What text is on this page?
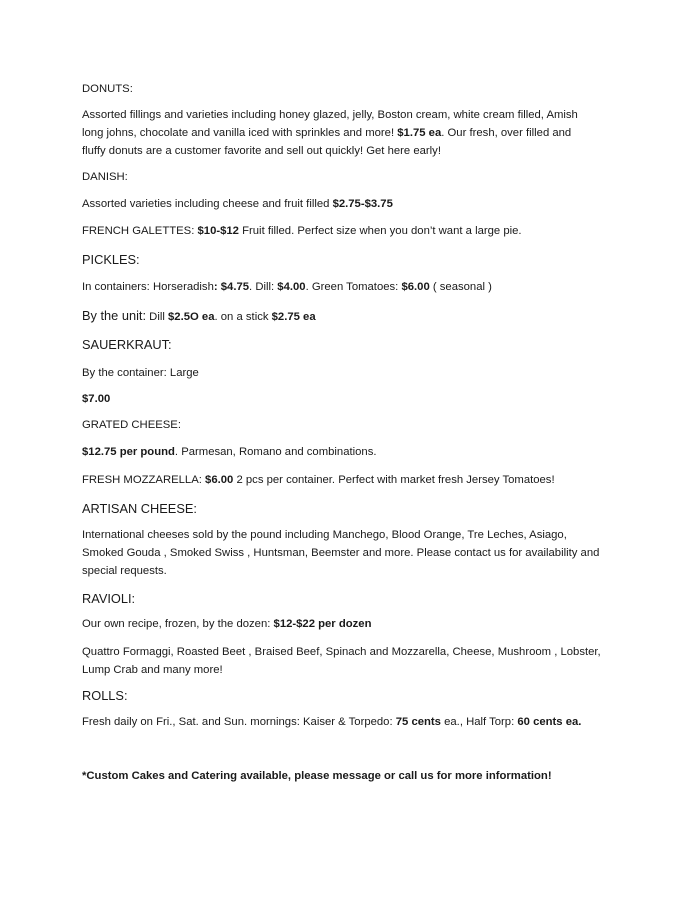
DONUTS:

Assorted fillings and varieties including honey glazed, jelly, Boston cream, white cream filled, Amish

long johns, chocolate and vanilla iced with sprinkles and more! $1.75 ea. Our fresh, over filled and

fluffy donuts are a customer favorite and sell out quickly! Get here early!

DANISH:

Assorted varieties including cheese and fruit filled $2.75-$3.75

FRENCH GALETTES: $10-$12 Fruit filled. Perfect size when you don’t want a large pie.

PICKLES:

In containers: Horseradish: $4.75. Dill: $4.00. Green Tomatoes: $6.00 ( seasonal )

By the unit: Dill $2.5O ea. on a stick $2.75 ea

SAUERKRAUT:

By the container: Large

$7.00

GRATED CHEESE:

$12.75 per pound. Parmesan, Romano and combinations.

FRESH MOZZARELLA: $6.00 2 pcs per container. Perfect with market fresh Jersey Tomatoes!

ARTISAN CHEESE:

International cheeses sold by the pound including Manchego, Blood Orange, Tre Leches, Asiago,

Smoked Gouda , Smoked Swiss , Huntsman, Beemster and more. Please contact us for availability and

special requests.

RAVIOLI:

Our own recipe, frozen, by the dozen: $12-$22 per dozen

Quattro Formaggi, Roasted Beet , Braised Beef, Spinach and Mozzarella, Cheese, Mushroom , Lobster,

Lump Crab and many more!

ROLLS:

Fresh daily on Fri., Sat. and Sun. mornings: Kaiser & Torpedo: 75 cents ea., Half Torp: 60 cents ea.

*Custom Cakes and Catering available, please message or call us for more information!
